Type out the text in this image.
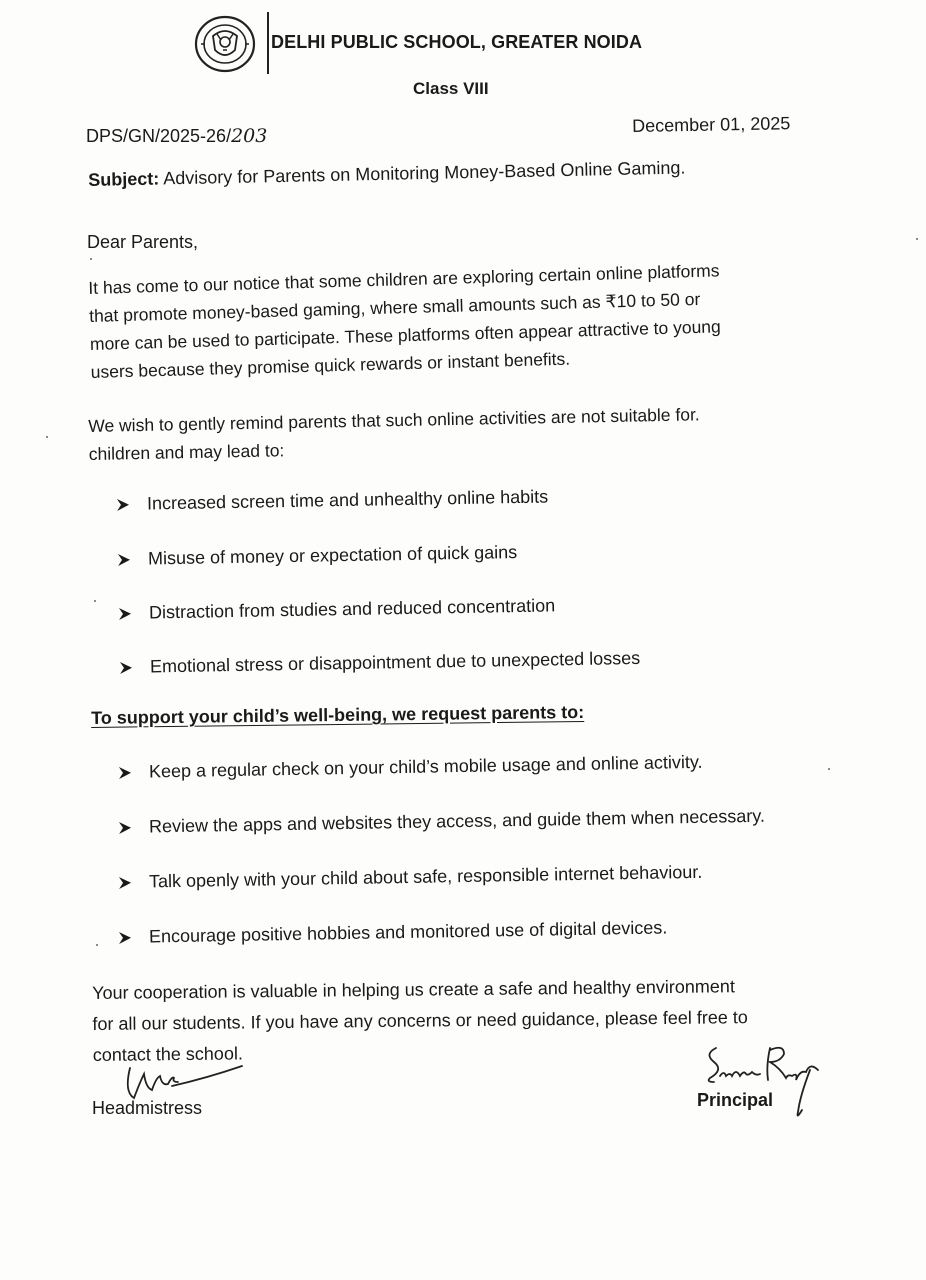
DELHI PUBLIC SCHOOL, GREATER NOIDA
Class VIII
DPS/GN/2025-26/203
December 01, 2025
Subject: Advisory for Parents on Monitoring Money-Based Online Gaming.
Dear Parents,
It has come to our notice that some children are exploring certain online platforms
that promote money-based gaming, where small amounts such as ₹10 to 50 or
more can be used to participate. These platforms often appear attractive to young
users because they promise quick rewards or instant benefits.
We wish to gently remind parents that such online activities are not suitable for.
children and may lead to:
Increased screen time and unhealthy online habits
Misuse of money or expectation of quick gains
Distraction from studies and reduced concentration
Emotional stress or disappointment due to unexpected losses
To support your child’s well-being, we request parents to:
Keep a regular check on your child’s mobile usage and online activity.
Review the apps and websites they access, and guide them when necessary.
Talk openly with your child about safe, responsible internet behaviour.
Encourage positive hobbies and monitored use of digital devices.
Your cooperation is valuable in helping us create a safe and healthy environment
for all our students. If you have any concerns or need guidance, please feel free to
contact the school.
Headmistress	Principal
